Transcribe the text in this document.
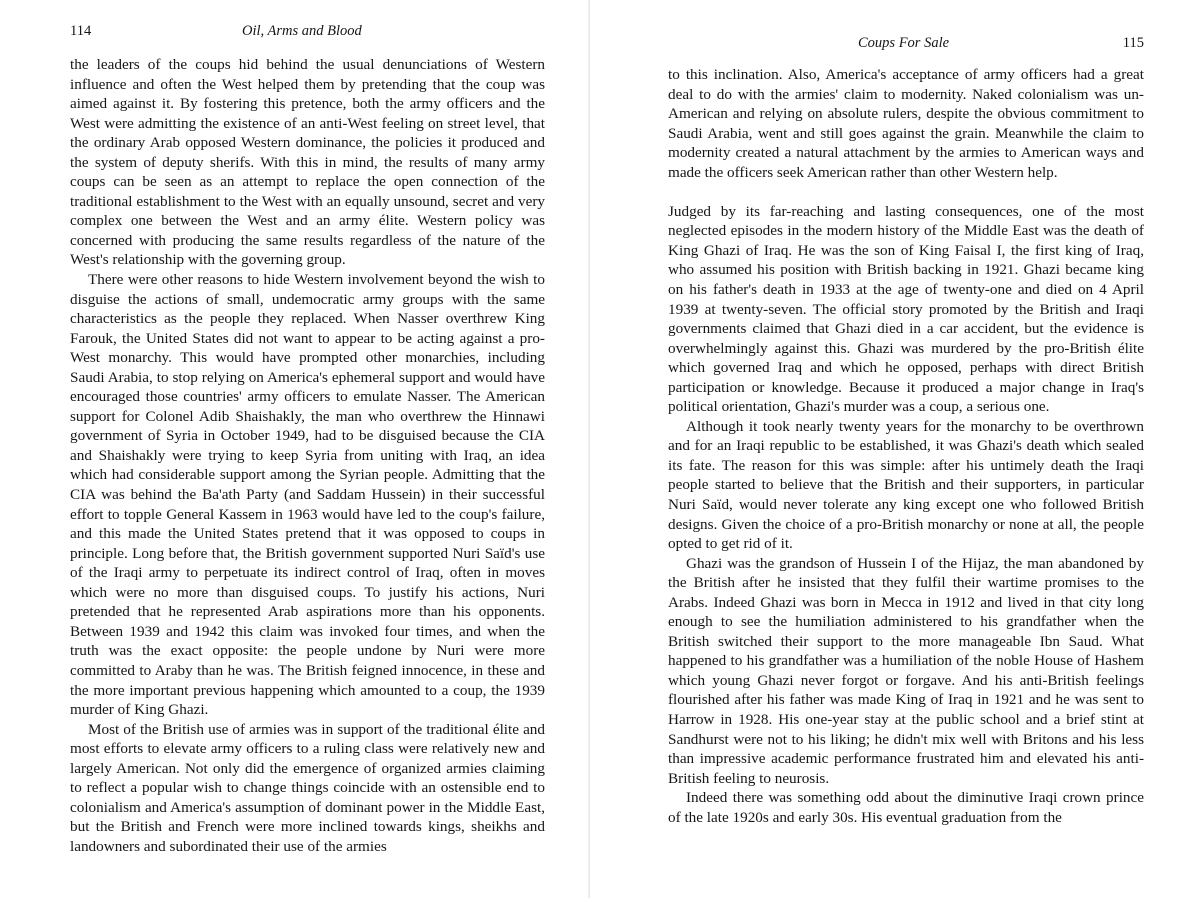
114	Oil, Arms and Blood

the leaders of the coups hid behind the usual denunciations of Western influence and often the West helped them by pretending that the coup was aimed against it. By fostering this pretence, both the army officers and the West were admitting the existence of an anti-West feeling on street level, that the ordinary Arab opposed Western dominance, the policies it produced and the system of deputy sherifs. With this in mind, the results of many army coups can be seen as an attempt to replace the open connection of the traditional establishment to the West with an equally unsound, secret and very complex one between the West and an army élite. Western policy was concerned with producing the same results regardless of the nature of the West's relationship with the governing group.

There were other reasons to hide Western involvement beyond the wish to disguise the actions of small, undemocratic army groups with the same characteristics as the people they replaced. When Nasser overthrew King Farouk, the United States did not want to appear to be acting against a pro-West monarchy. This would have prompted other monarchies, including Saudi Arabia, to stop relying on America's ephemeral support and would have encouraged those countries' army officers to emulate Nasser. The American support for Colonel Adib Shaishakly, the man who overthrew the Hinnawi government of Syria in October 1949, had to be disguised because the CIA and Shaishakly were trying to keep Syria from uniting with Iraq, an idea which had considerable support among the Syrian people. Admitting that the CIA was behind the Ba'ath Party (and Saddam Hussein) in their successful effort to topple General Kassem in 1963 would have led to the coup's failure, and this made the United States pretend that it was opposed to coups in principle. Long before that, the British government supported Nuri Saïd's use of the Iraqi army to perpetuate its indirect control of Iraq, often in moves which were no more than disguised coups. To justify his actions, Nuri pretended that he represented Arab aspirations more than his opponents. Between 1939 and 1942 this claim was invoked four times, and when the truth was the exact opposite: the people undone by Nuri were more committed to Araby than he was. The British feigned innocence, in these and the more important previous happening which amounted to a coup, the 1939 murder of King Ghazi.

Most of the British use of armies was in support of the traditional élite and most efforts to elevate army officers to a ruling class were relatively new and largely American. Not only did the emergence of organized armies claiming to reflect a popular wish to change things coincide with an ostensible end to colonialism and America's assumption of dominant power in the Middle East, but the British and French were more inclined towards kings, sheikhs and landowners and subordinated their use of the armies

Coups For Sale	115

to this inclination. Also, America's acceptance of army officers had a great deal to do with the armies' claim to modernity. Naked colonialism was un-American and relying on absolute rulers, despite the obvious commitment to Saudi Arabia, went and still goes against the grain. Meanwhile the claim to modernity created a natural attachment by the armies to American ways and made the officers seek American rather than other Western help.

Judged by its far-reaching and lasting consequences, one of the most neglected episodes in the modern history of the Middle East was the death of King Ghazi of Iraq. He was the son of King Faisal I, the first king of Iraq, who assumed his position with British backing in 1921. Ghazi became king on his father's death in 1933 at the age of twenty-one and died on 4 April 1939 at twenty-seven. The official story promoted by the British and Iraqi governments claimed that Ghazi died in a car accident, but the evidence is overwhelmingly against this. Ghazi was murdered by the pro-British élite which governed Iraq and which he opposed, perhaps with direct British participation or knowledge. Because it produced a major change in Iraq's political orientation, Ghazi's murder was a coup, a serious one.

Although it took nearly twenty years for the monarchy to be overthrown and for an Iraqi republic to be established, it was Ghazi's death which sealed its fate. The reason for this was simple: after his untimely death the Iraqi people started to believe that the British and their supporters, in particular Nuri Saïd, would never tolerate any king except one who followed British designs. Given the choice of a pro-British monarchy or none at all, the people opted to get rid of it.

Ghazi was the grandson of Hussein I of the Hijaz, the man abandoned by the British after he insisted that they fulfil their wartime promises to the Arabs. Indeed Ghazi was born in Mecca in 1912 and lived in that city long enough to see the humiliation administered to his grandfather when the British switched their support to the more manageable Ibn Saud. What happened to his grandfather was a humiliation of the noble House of Hashem which young Ghazi never forgot or forgave. And his anti-British feelings flourished after his father was made King of Iraq in 1921 and he was sent to Harrow in 1928. His one-year stay at the public school and a brief stint at Sandhurst were not to his liking; he didn't mix well with Britons and his less than impressive academic performance frustrated him and elevated his anti-British feeling to neurosis.

Indeed there was something odd about the diminutive Iraqi crown prince of the late 1920s and early 30s. His eventual graduation from the
